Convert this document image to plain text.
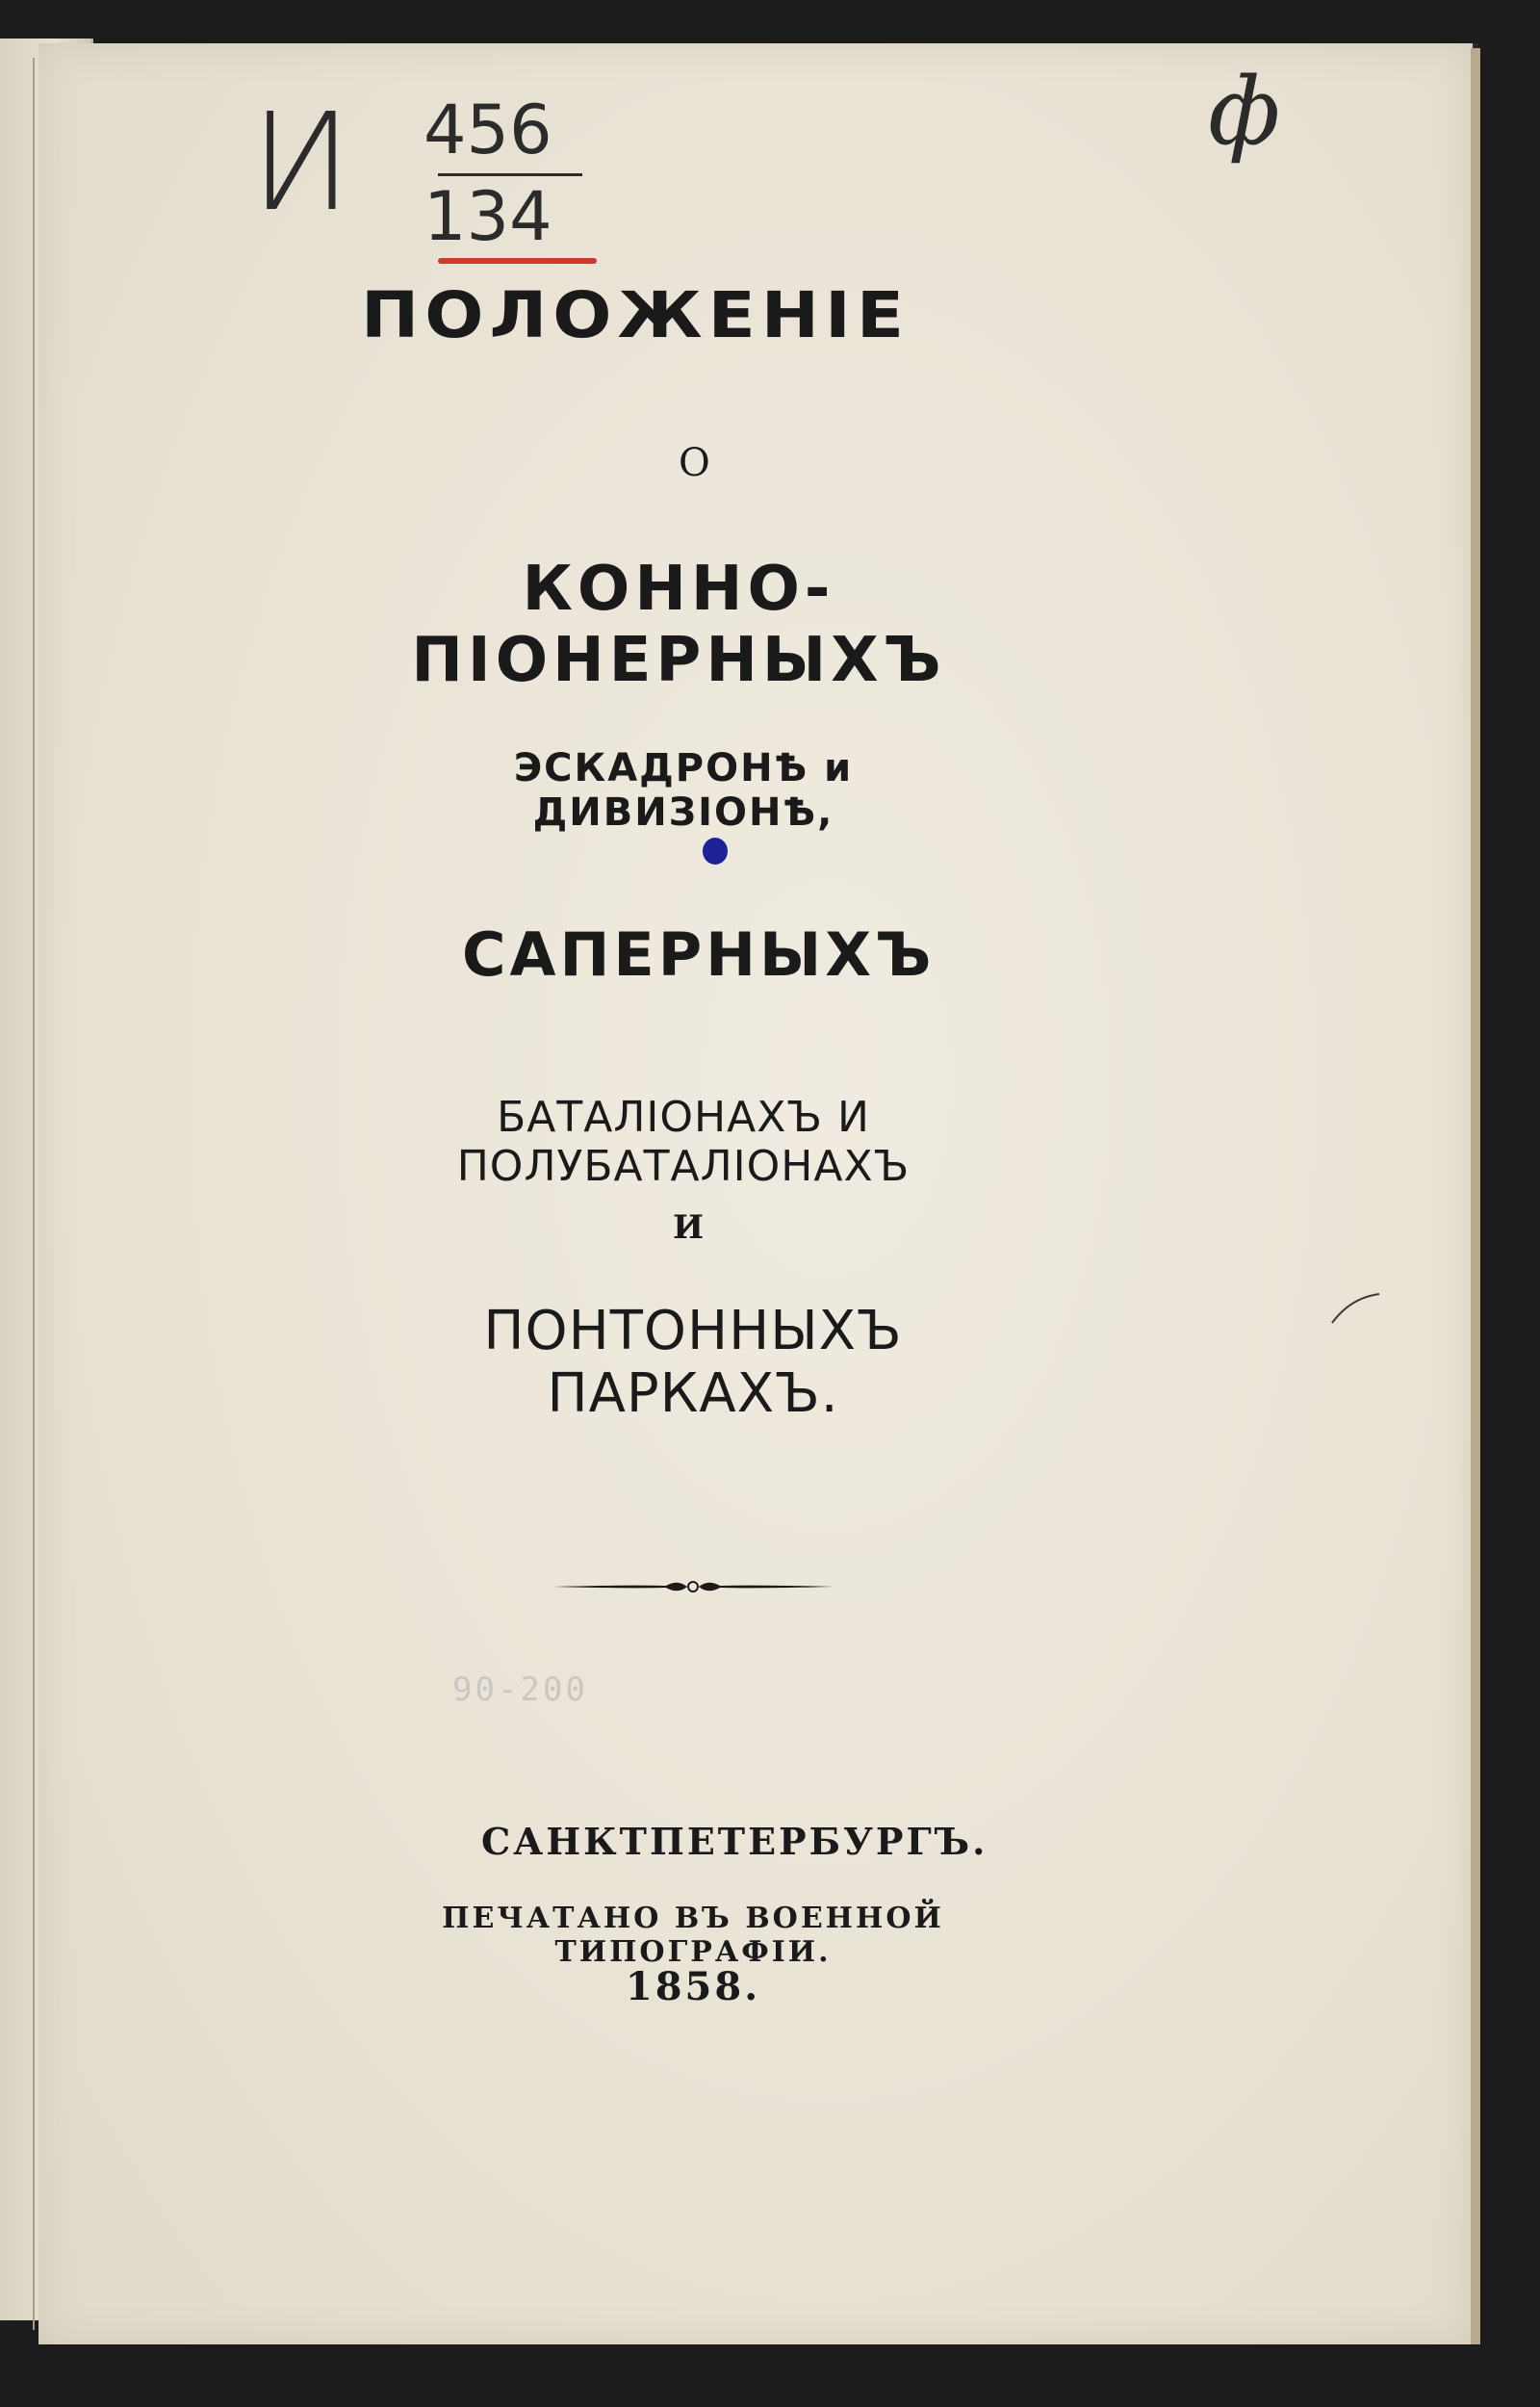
И 456
134
ф
ПОЛОЖЕНІЕ
О
КОННО-ПІОНЕРНЫХЪ
ЭСКАДРОНѢ и ДИВИЗІОНѢ,
САПЕРНЫХЪ
БАТАЛІОНАХЪ И ПОЛУБАТАЛІОНАХЪ
И
ПОНТОННЫХЪ ПАРКАХЪ.
90-200
САНКТПЕТЕРБУРГЪ.
ПЕЧАТАНО ВЪ ВОЕННОЙ ТИПОГРАФІИ.
1858.
